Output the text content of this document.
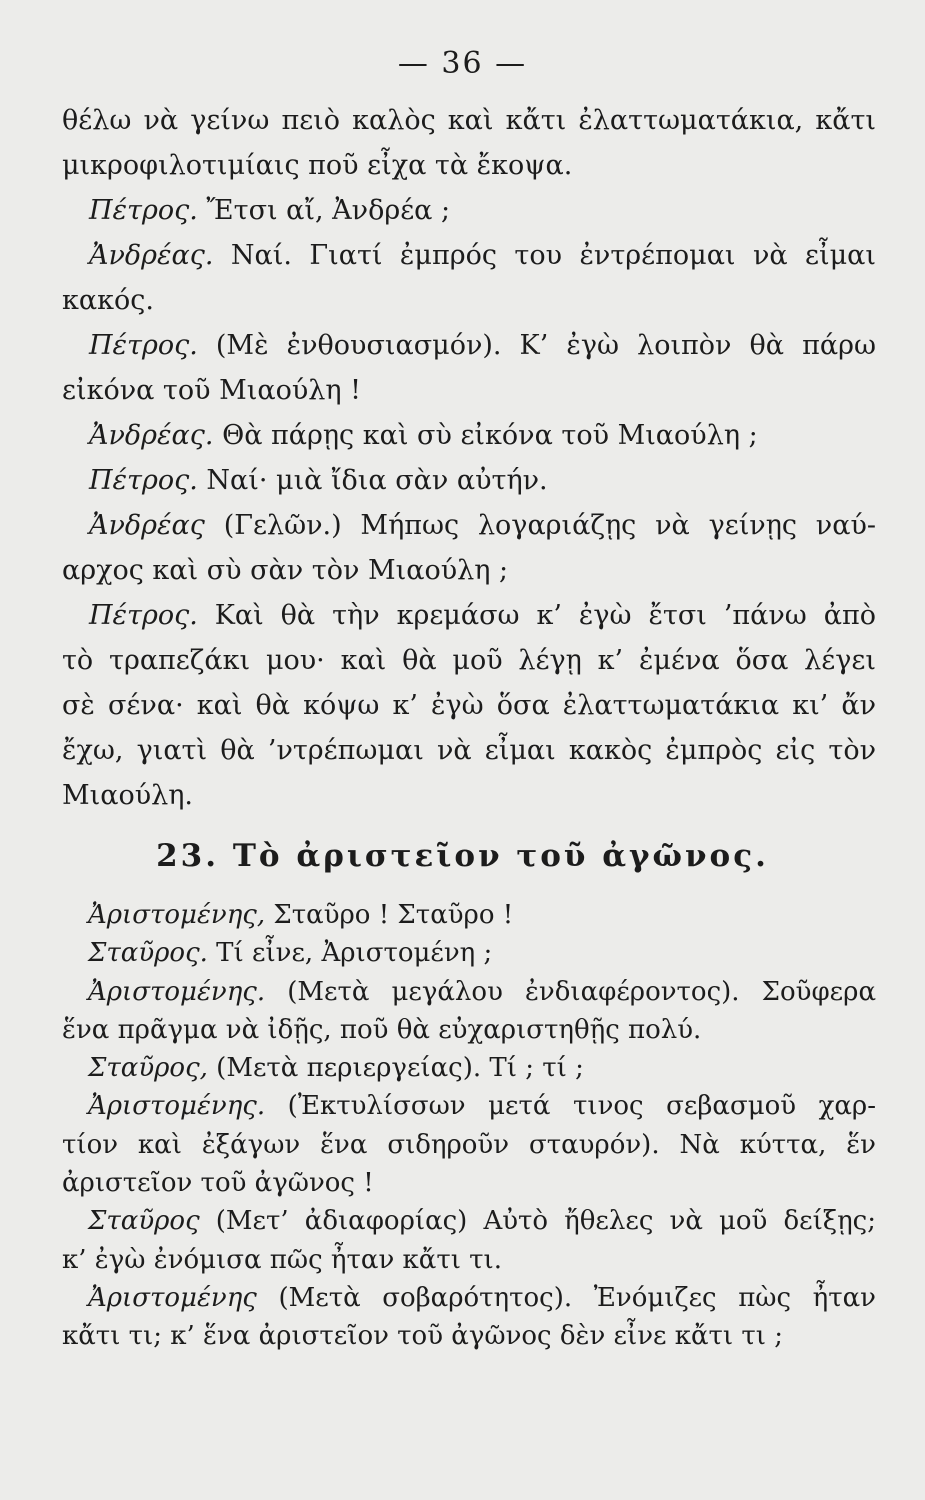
— 36 —
θέλω νὰ γείνω πειὸ καλὸς καὶ κἄτι ἐλαττωματάκια, κἄτι
μικροφιλοτιμίαις ποῦ εἶχα τὰ ἔκοψα.
 Πέτρος. Ἔτσι αἴ, Ἀνδρέα ;
 Ἀνδρέας. Ναί. Γιατί ἐμπρός του ἐντρέπομαι νὰ εἶμαι
κακός.
 Πέτρος. (Μὲ ἐνθουσιασμόν). Κ’ ἐγὼ λοιπὸν θὰ πάρω
εἰκόνα τοῦ Μιαούλη !
 Ἀνδρέας. Θὰ πάρῃς καὶ σὺ εἰκόνα τοῦ Μιαούλη ;
 Πέτρος. Ναί· μιὰ ἴδια σὰν αὐτήν.
 Ἀνδρέας (Γελῶν.) Μήπως λογαριάζῃς νὰ γείνῃς ναύ-
αρχος καὶ σὺ σὰν τὸν Μιαούλη ;
 Πέτρος. Καὶ θὰ τὴν κρεμάσω κ’ ἐγὼ ἔτσι ’πάνω ἀπὸ
τὸ τραπεζάκι μου· καὶ θὰ μοῦ λέγῃ κ’ ἐμένα ὅσα λέγει
σὲ σένα· καὶ θὰ κόψω κ’ ἐγὼ ὅσα ἐλαττωματάκια κι’ ἄν
ἔχω, γιατὶ θὰ ’ντρέπωμαι νὰ εἶμαι κακὸς ἐμπρὸς εἰς τὸν
Μιαούλη.
23. Τὸ ἀριστεῖον τοῦ ἀγῶνος.
 Ἀριστομένης, Σταῦρο ! Σταῦρο !
 Σταῦρος. Τί εἶνε, Ἀριστομένη ;
 Ἀριστομένης. (Μετὰ μεγάλου ἐνδιαφέροντος). Σοῦφερα
ἕνα πρᾶγμα νὰ ἰδῇς, ποῦ θὰ εὐχαριστηθῇς πολύ.
 Σταῦρος, (Μετὰ περιεργείας). Τί ; τί ;
 Ἀριστομένης. (Ἐκτυλίσσων μετά τινος σεβασμοῦ χαρ-
τίον καὶ ἐξάγων ἕνα σιδηροῦν σταυρόν). Νὰ κύττα, ἕν
ἀριστεῖον τοῦ ἀγῶνος !
 Σταῦρος (Μετ’ ἀδιαφορίας) Αὐτὸ ἤθελες νὰ μοῦ δείξῃς;
κ’ ἐγὼ ἐνόμισα πῶς ἦταν κἄτι τι.
 Ἀριστομένης (Μετὰ σοβαρότητος). Ἐνόμιζες πὼς ἦταν
κἄτι τι; κ’ ἕνα ἀριστεῖον τοῦ ἀγῶνος δὲν εἶνε κἄτι τι ;
